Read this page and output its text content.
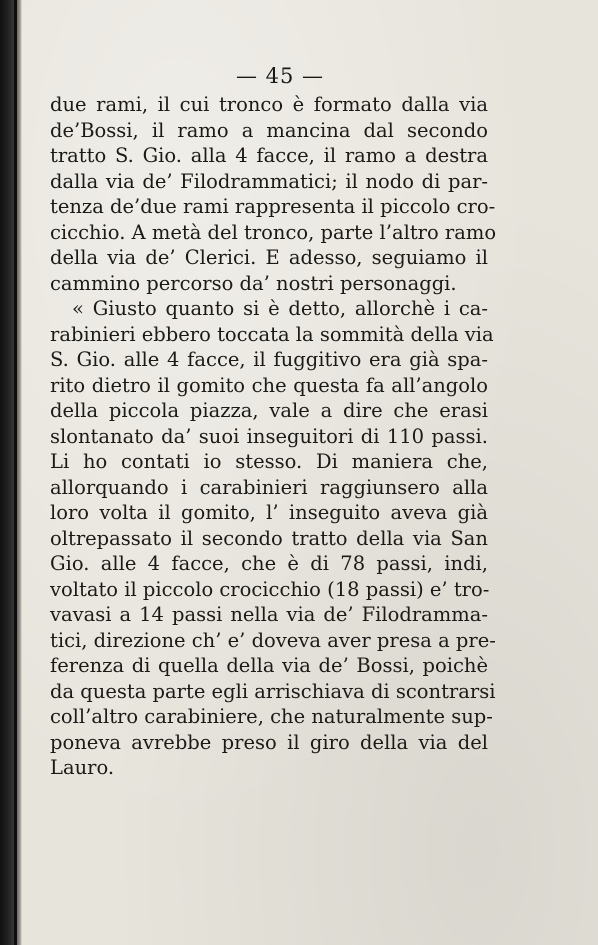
— 45 —
due rami, il cui tronco è formato dalla via
de’Bossi, il ramo a mancina dal secondo
tratto S. Gio. alla 4 facce, il ramo a destra
dalla via de’ Filodrammatici; il nodo di par-
tenza de’due rami rappresenta il piccolo cro-
cicchio. A metà del tronco, parte l’altro ramo
della via de’ Clerici. E adesso, seguiamo il
cammino percorso da’ nostri personaggi.
« Giusto quanto si è detto, allorchè i ca-
rabinieri ebbero toccata la sommità della via
S. Gio. alle 4 facce, il fuggitivo era già spa-
rito dietro il gomito che questa fa all’angolo
della piccola piazza, vale a dire che erasi
slontanato da’ suoi inseguitori di 110 passi.
Li ho contati io stesso. Di maniera che,
allorquando i carabinieri raggiunsero alla
loro volta il gomito, l’ inseguito aveva già
oltrepassato il secondo tratto della via San
Gio. alle 4 facce, che è di 78 passi, indi,
voltato il piccolo crocicchio (18 passi) e’ tro-
vavasi a 14 passi nella via de’ Filodramma-
tici, direzione ch’ e’ doveva aver presa a pre-
ferenza di quella della via de’ Bossi, poichè
da questa parte egli arrischiava di scontrarsi
coll’altro carabiniere, che naturalmente sup-
poneva avrebbe preso il giro della via del
Lauro.
